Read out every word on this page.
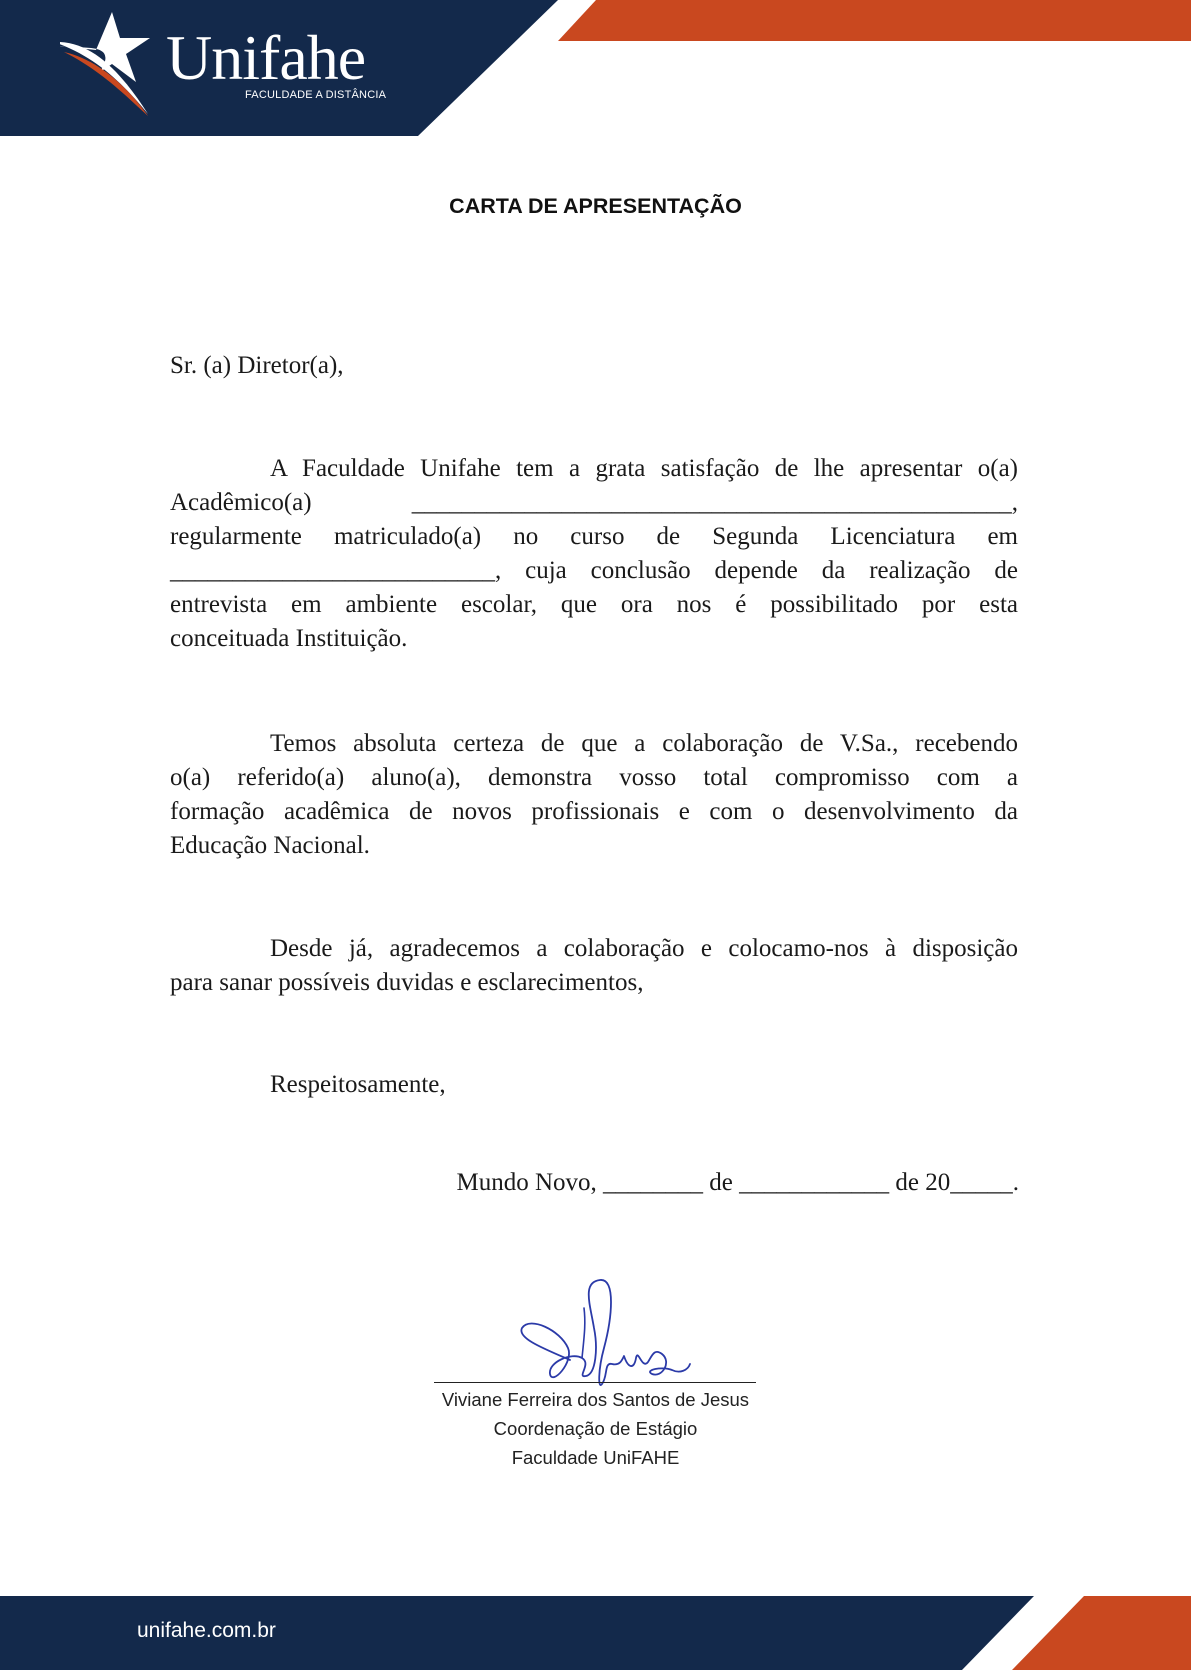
Unifahe
FACULDADE A DISTÂNCIA
CARTA DE APRESENTAÇÃO
Sr. (a) Diretor(a),
A Faculdade Unifahe tem a grata satisfação de lhe apresentar o(a)
Acadêmico(a) ________________________________________________,
regularmente matriculado(a) no curso de Segunda Licenciatura em
__________________________, cuja conclusão depende da realização de
entrevista em ambiente escolar, que ora nos é possibilitado por esta
conceituada Instituição.
Temos absoluta certeza de que a colaboração de V.Sa., recebendo
o(a) referido(a) aluno(a), demonstra vosso total compromisso com a
formação acadêmica de novos profissionais e com o desenvolvimento da
Educação Nacional.
Desde já, agradecemos a colaboração e colocamo-nos à disposição
para sanar possíveis duvidas e esclarecimentos,
Respeitosamente,
Mundo Novo, ________ de ____________ de 20_____.
Viviane Ferreira dos Santos de Jesus
Coordenação de Estágio
Faculdade UniFAHE
unifahe.com.br
